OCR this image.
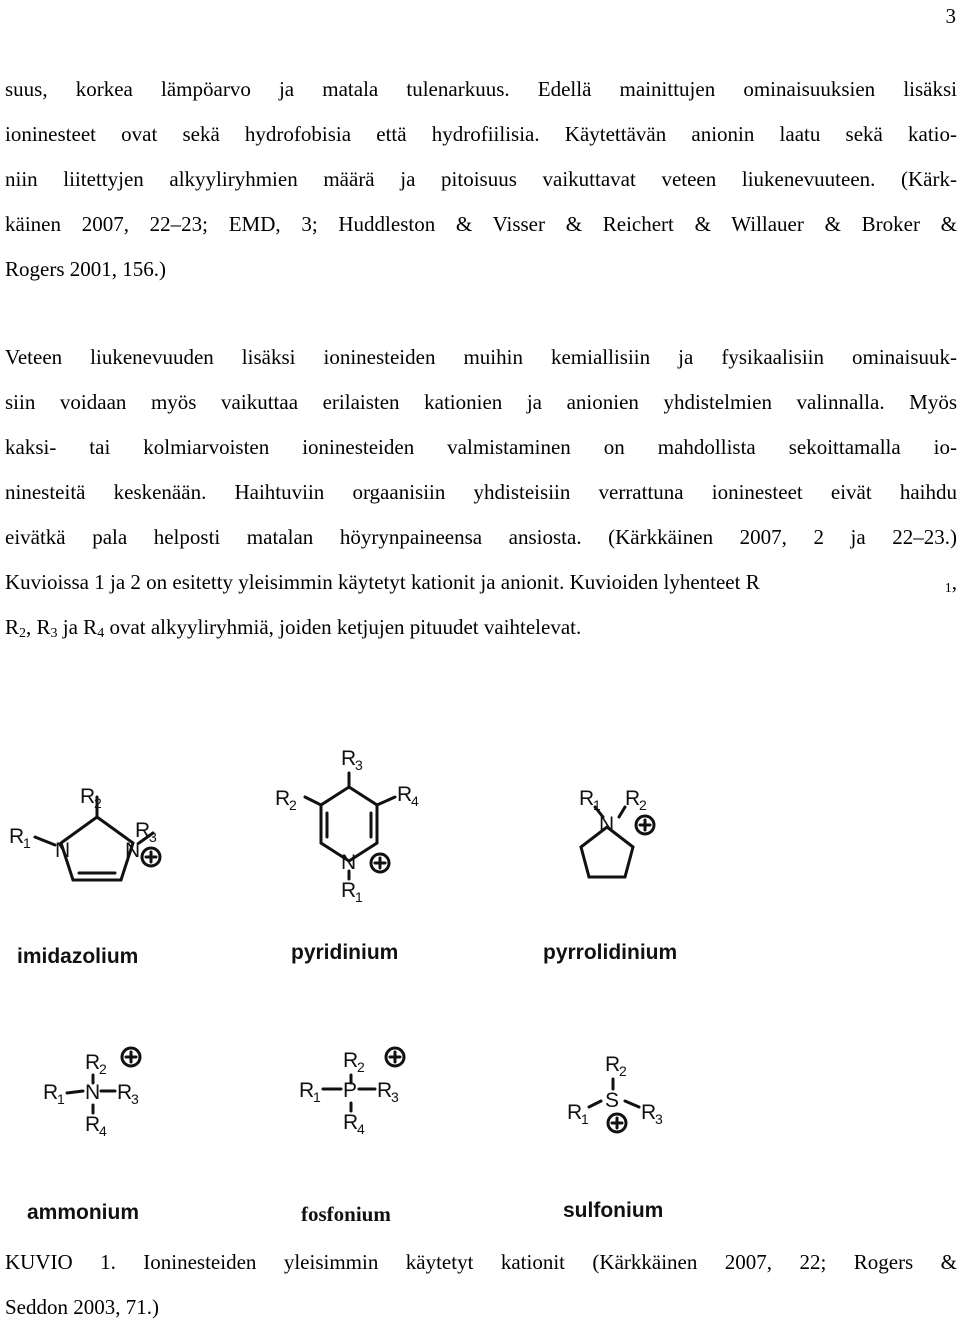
3
suus, korkea lämpöarvo ja matala tulenarkuus. Edellä mainittujen ominaisuuksien lisäksi
ioninesteet ovat sekä hydrofobisia että hydrofiilisia. Käytettävän anionin laatu sekä katio-
niin liitettyjen alkyyliryhmien määrä ja pitoisuus vaikuttavat veteen liukenevuuteen. (Kärk-
käinen 2007, 22–23; EMD, 3; Huddleston & Visser & Reichert & Willauer & Broker &
Rogers 2001, 156.)
Veteen liukenevuuden lisäksi ioninesteiden muihin kemiallisiin ja fysikaalisiin ominaisuuk-
siin voidaan myös vaikuttaa erilaisten kationien ja anionien yhdistelmien valinnalla. Myös
kaksi- tai kolmiarvoisten ioninesteiden valmistaminen on mahdollista sekoittamalla io-
ninesteitä keskenään. Haihtuviin orgaanisiin yhdisteisiin verrattuna ioninesteet eivät haihdu
eivätkä pala helposti matalan höyrynpaineensa ansiosta. (Kärkkäinen 2007, 2 ja 22–23.)
Kuvioissa 1 ja 2 on esitetty yleisimmin käytetyt kationit ja anionit. Kuvioiden lyhenteet R	$_1$,
$R_2$, $R_3$ ja $R_4$ ovat alkyyliryhmiä, joiden ketjujen pituudet vaihtelevat.
R
2
R
1 N	N
R
3
R
3
R
2	R
4
N
R
1
R
1 R
2
N
imidazolium	pyridinium	pyrrolidinium
R
2
R
1 N R
3
R
4
R
2
R
1 P R
3
R
4
R
2
S
R
1 R
3
ammonium	fosfonium	sulfonium
KUVIO 1. Ioninesteiden yleisimmin käytetyt kationit (Kärkkäinen 2007, 22; Rogers &
Seddon 2003, 71.)
